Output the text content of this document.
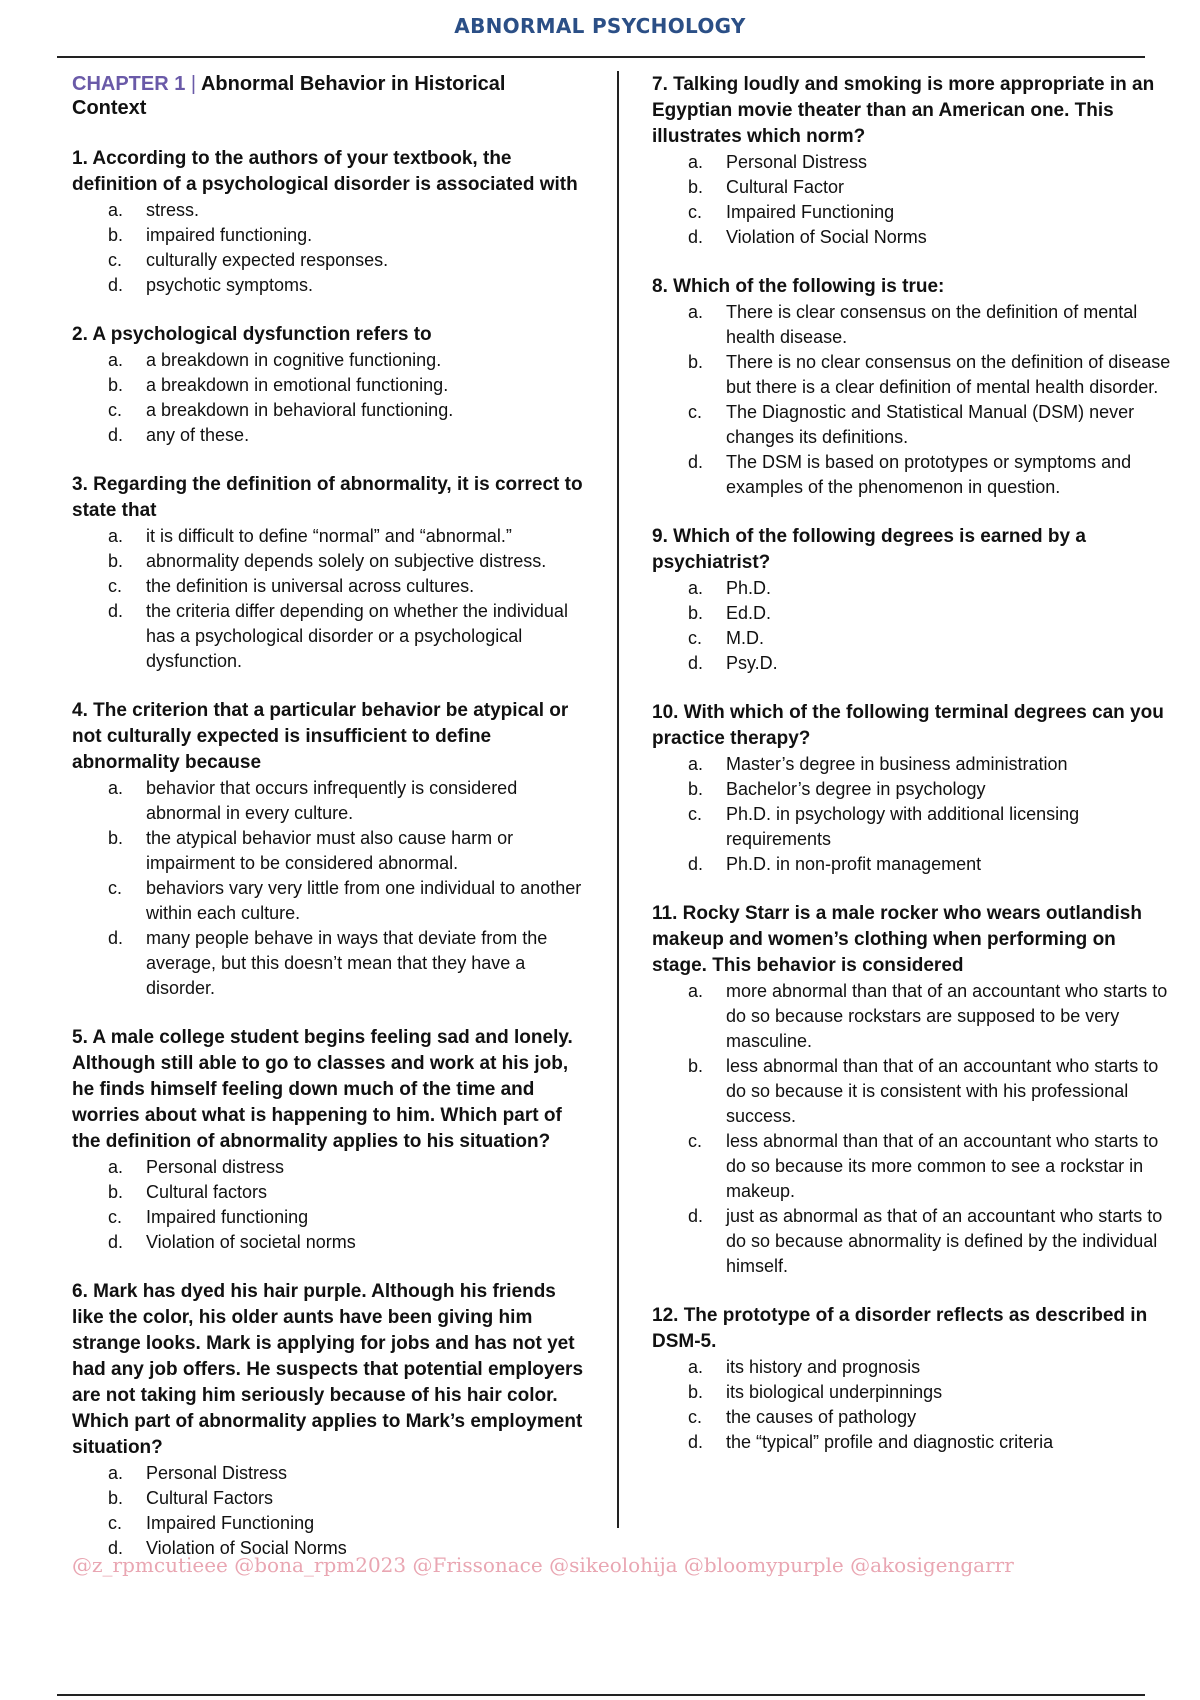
ABNORMAL PSYCHOLOGY
CHAPTER 1 | Abnormal Behavior in Historical Context

1. According to the authors of your textbook, the definition of a psychological disorder is associated with

a.	stress.
b.	impaired functioning.
c.	culturally expected responses.
d.	psychotic symptoms.

2. A psychological dysfunction refers to

a.	a breakdown in cognitive functioning.
b.	a breakdown in emotional functioning.
c.	a breakdown in behavioral functioning.
d.	any of these.

3. Regarding the definition of abnormality, it is correct to state that

a.	it is difficult to define “normal” and “abnormal.”
b.	abnormality depends solely on subjective distress.
c.	the definition is universal across cultures.
d.	the criteria differ depending on whether the individual has a psychological disorder or a psychological dysfunction.

4. The criterion that a particular behavior be atypical or not culturally expected is insufficient to define abnormality because

a.	behavior that occurs infrequently is considered abnormal in every culture.
b.	the atypical behavior must also cause harm or impairment to be considered abnormal.
c.	behaviors vary very little from one individual to another within each culture.
d.	many people behave in ways that deviate from the average, but this doesn’t mean that they have a disorder.

5. A male college student begins feeling sad and lonely. Although still able to go to classes and work at his job, he finds himself feeling down much of the time and worries about what is happening to him. Which part of the definition of abnormality applies to his situation?

a.	Personal distress
b.	Cultural factors
c.	Impaired functioning
d.	Violation of societal norms

6. Mark has dyed his hair purple. Although his friends like the color, his older aunts have been giving him strange looks. Mark is applying for jobs and has not yet had any job offers. He suspects that potential employers are not taking him seriously because of his hair color. Which part of abnormality applies to Mark’s employment situation?

a.	Personal Distress
b.	Cultural Factors
c.	Impaired Functioning
d.	Violation of Social Norms

7. Talking loudly and smoking is more appropriate in an Egyptian movie theater than an American one. This illustrates which norm?

a.	Personal Distress
b.	Cultural Factor
c.	Impaired Functioning
d.	Violation of Social Norms

8. Which of the following is true:

a.	There is clear consensus on the definition of mental health disease.
b.	There is no clear consensus on the definition of disease but there is a clear definition of mental health disorder.
c.	The Diagnostic and Statistical Manual (DSM) never changes its definitions.
d.	The DSM is based on prototypes or symptoms and examples of the phenomenon in question.

9. Which of the following degrees is earned by a psychiatrist?

a.	Ph.D.
b.	Ed.D.
c.	M.D.
d.	Psy.D.

10. With which of the following terminal degrees can you practice therapy?

a.	Master’s degree in business administration
b.	Bachelor’s degree in psychology
c.	Ph.D. in psychology with additional licensing requirements
d.	Ph.D. in non-profit management

11. Rocky Starr is a male rocker who wears outlandish makeup and women’s clothing when performing on stage. This behavior is considered

a.	more abnormal than that of an accountant who starts to do so because rockstars are supposed to be very masculine.
b.	less abnormal than that of an accountant who starts to do so because it is consistent with his professional success.
c.	less abnormal than that of an accountant who starts to do so because its more common to see a rockstar in makeup.
d.	just as abnormal as that of an accountant who starts to do so because abnormality is defined by the individual himself.

12. The prototype of a disorder reflects as described in DSM-5.

a.	its history and prognosis
b.	its biological underpinnings
c.	the causes of pathology
d.	the “typical” profile and diagnostic criteria
@z_rpmcutieee @bona_rpm2023 @Frissonace @sikeolohija @bloomypurple @akosigengarrr
